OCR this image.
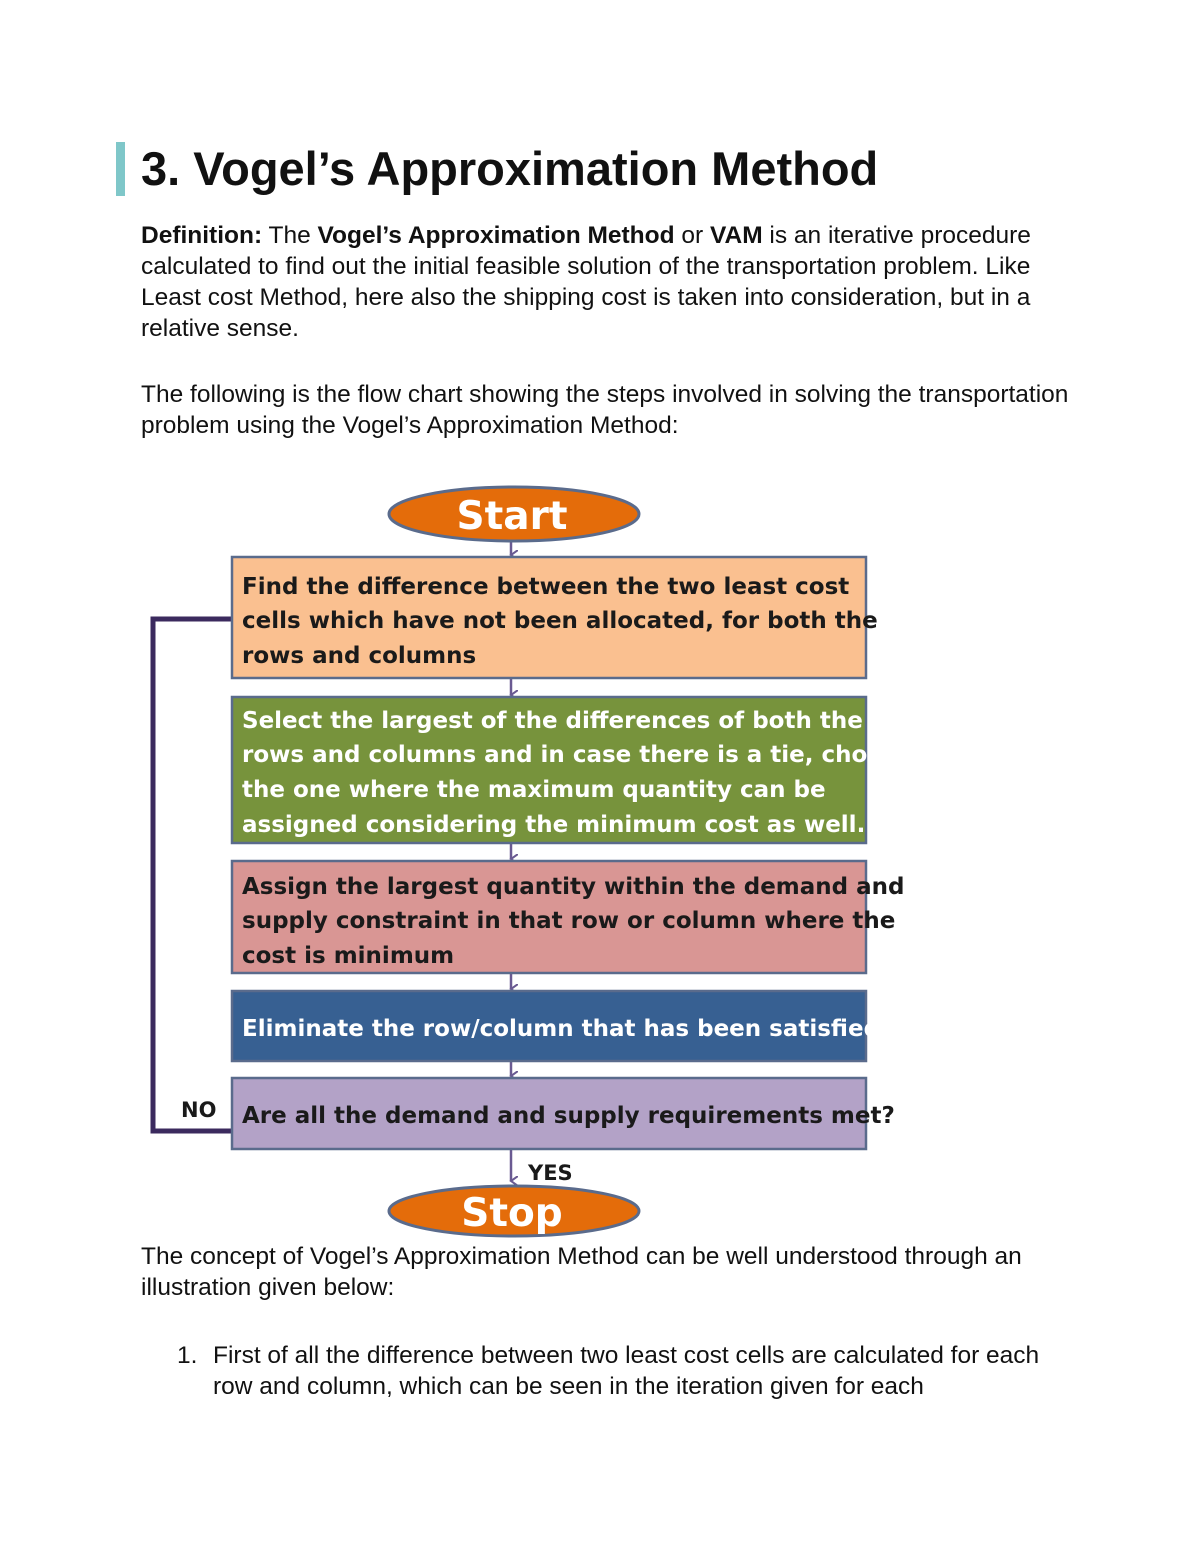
3. Vogel’s Approximation Method

Definition: The Vogel’s Approximation Method or VAM is an iterative procedure calculated to find out the initial feasible solution of the transportation problem. Like Least cost Method, here also the shipping cost is taken into consideration, but in a relative sense.

The following is the flow chart showing the steps involved in solving the transportation problem using the Vogel’s Approximation Method:

Start
Find the difference between the two least cost cells which have not been allocated, for both the rows and columns
Select the largest of the differences of both the rows and columns and in case there is a tie, choose the one where the maximum quantity can be assigned considering the minimum cost as well.
Assign the largest quantity within the demand and supply constraint in that row or column where the cost is minimum
Eliminate the row/column that has been satisfied
Are all the demand and supply requirements met?
NO
YES
Stop

The concept of Vogel’s Approximation Method can be well understood through an illustration given below:

1. First of all the difference between two least cost cells are calculated for each row and column, which can be seen in the iteration given for each
